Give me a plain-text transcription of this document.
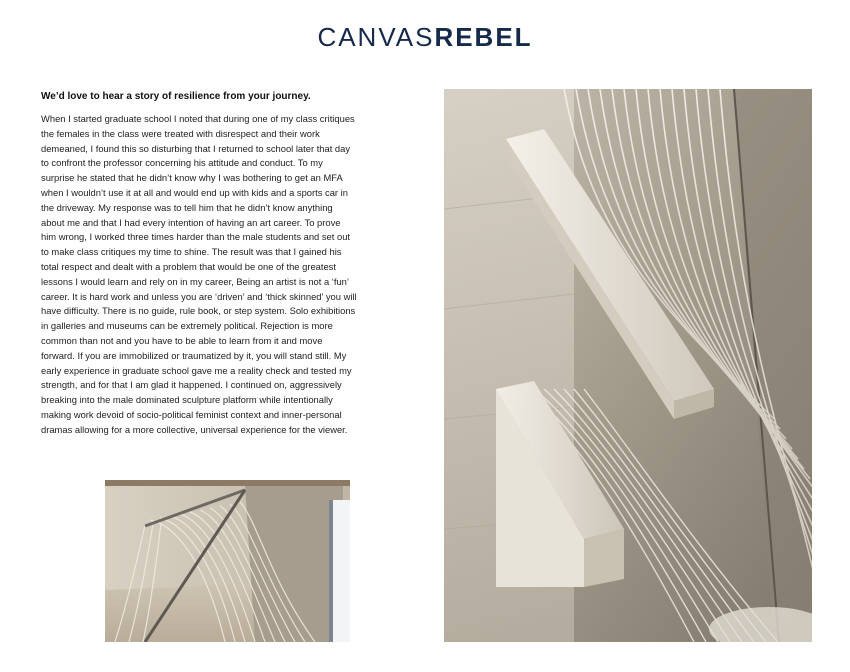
CANVASREBEL
We’d love to hear a story of resilience from your journey.
When I started graduate school I noted that during one of my class critiques the females in the class were treated with disrespect and their work demeaned, I found this so disturbing that I returned to school later that day to confront the professor concerning his attitude and conduct. To my surprise he stated that he didn’t know why I was bothering to get an MFA when I wouldn’t use it at all and would end up with kids and a sports car in the driveway. My response was to tell him that he didn’t know anything about me and that I had every intention of having an art career. To prove him wrong, I worked three times harder than the male students and set out to make class critiques my time to shine. The result was that I gained his total respect and dealt with a problem that would be one of the greatest lessons I would learn and rely on in my career, Being an artist is not a ‘fun’ career. It is hard work and unless you are ‘driven’ and ‘thick skinned’ you will have difficulty. There is no guide, rule book, or step system. Solo exhibitions in galleries and museums can be extremely political. Rejection is more common than not and you have to be able to learn from it and move forward. If you are immobilized or traumatized by it, you will stand still. My early experience in graduate school gave me a reality check and tested my strength, and for that I am glad it happened. I continued on, aggressively breaking into the male dominated sculpture platform while intentionally making work devoid of socio-political feminist context and inner-personal dramas allowing for a more collective, universal experience for the viewer.
